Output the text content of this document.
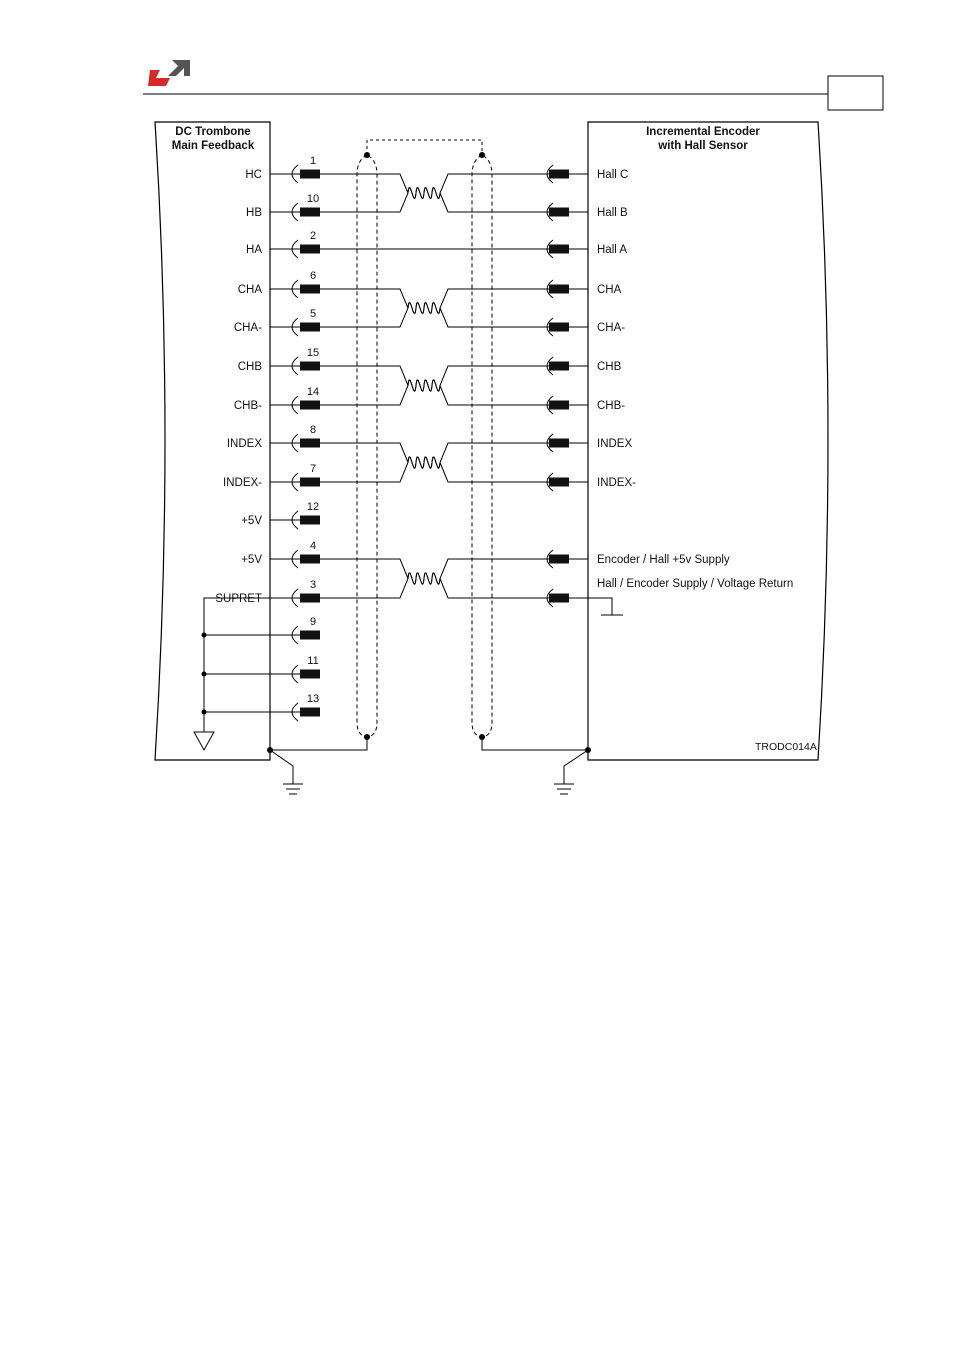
DC Trombone
Main Feedback
Incremental Encoder
with Hall Sensor
TRODC014A
HC
1
Hall C
HB
10
Hall B
HA
2
Hall A
CHA
6
CHA
CHA-
5
CHA-
CHB
15
CHB
CHB-
14
CHB-
INDEX
8
INDEX
INDEX-
7
INDEX-
+5V
12
+5V
4
Encoder / Hall +5v Supply
SUPRET
3	Hall / Encoder Supply / Voltage Return
9
11
13
